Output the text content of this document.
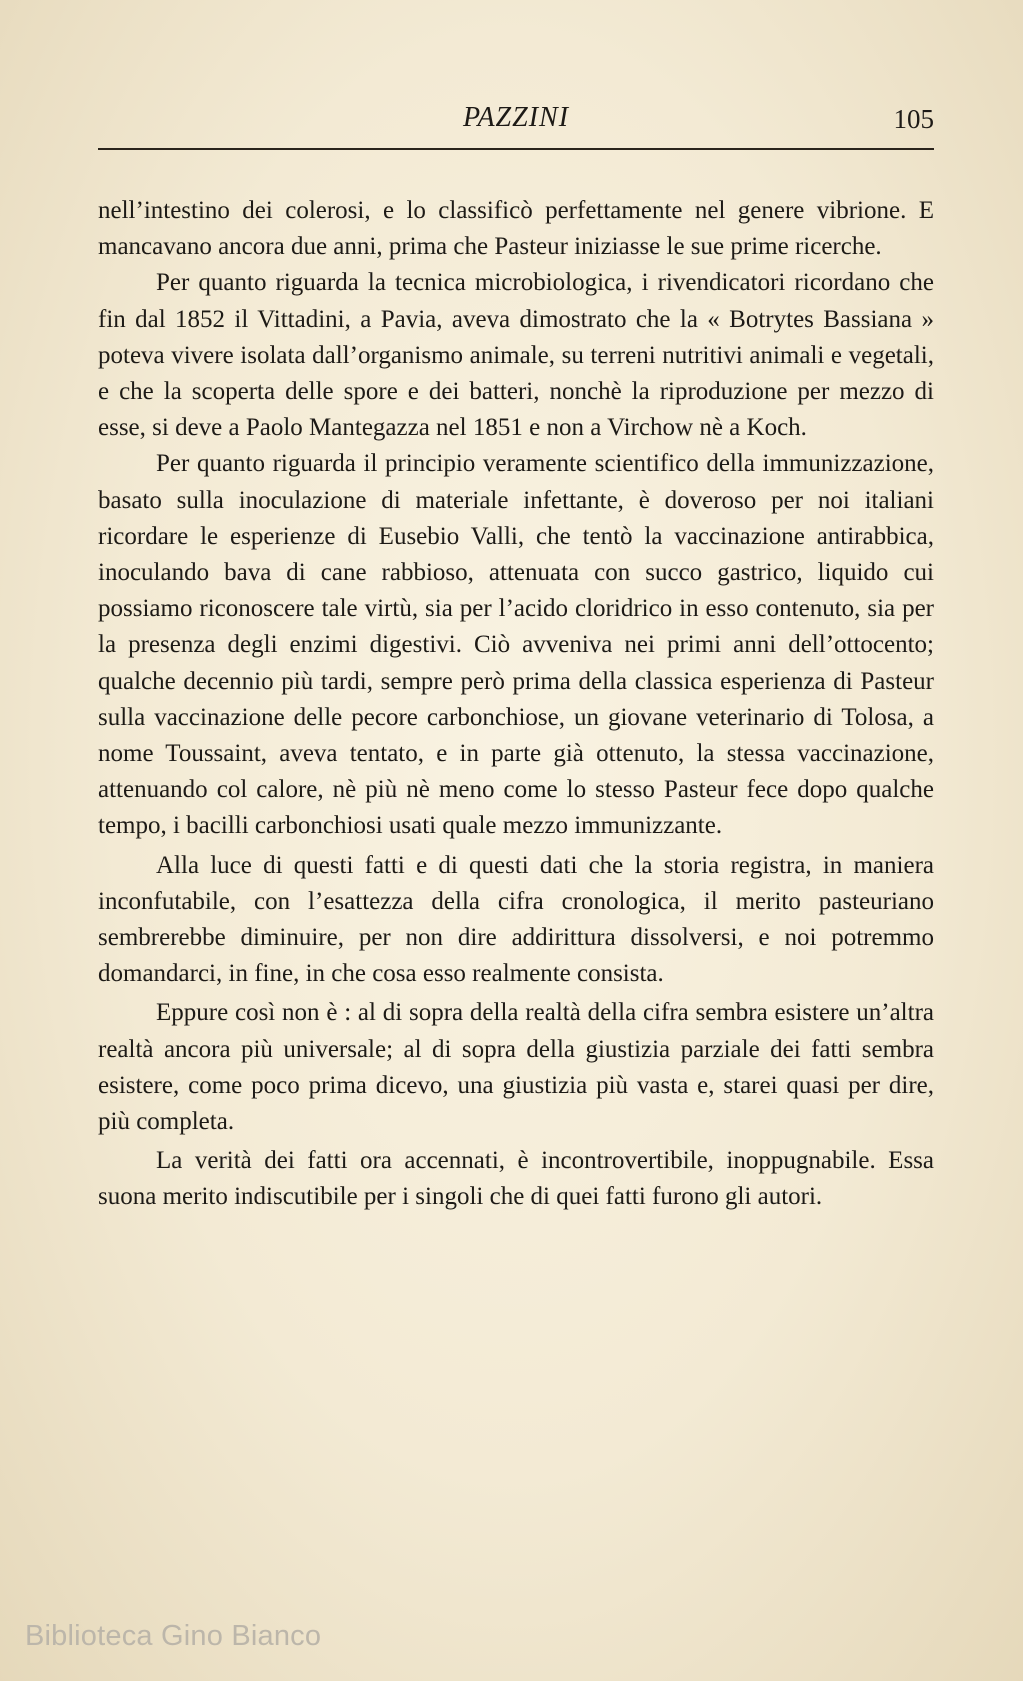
PAZZINI	105

nell’intestino dei colerosi, e lo classificò perfettamente nel genere vibrione. E mancavano ancora due anni, prima che Pasteur iniziasse le sue prime ricerche.

Per quanto riguarda la tecnica microbiologica, i rivendicatori ricordano che fin dal 1852 il Vittadini, a Pavia, aveva dimostrato che la « Botrytes Bassiana » poteva vivere isolata dall’organismo animale, su terreni nutritivi animali e vegetali, e che la scoperta delle spore e dei batteri, nonchè la riproduzione per mezzo di esse, si deve a Paolo Mantegazza nel 1851 e non a Virchow nè a Koch.

Per quanto riguarda il principio veramente scientifico della immunizzazione, basato sulla inoculazione di materiale infettante, è doveroso per noi italiani ricordare le esperienze di Eusebio Valli, che tentò la vaccinazione antirabbica, inoculando bava di cane rabbioso, attenuata con succo gastrico, liquido cui possiamo riconoscere tale virtù, sia per l’acido cloridrico in esso contenuto, sia per la presenza degli enzimi digestivi. Ciò avveniva nei primi anni dell’ottocento; qualche decennio più tardi, sempre però prima della classica esperienza di Pasteur sulla vaccinazione delle pecore carbonchiose, un giovane veterinario di Tolosa, a nome Toussaint, aveva tentato, e in parte già ottenuto, la stessa vaccinazione, attenuando col calore, nè più nè meno come lo stesso Pasteur fece dopo qualche tempo, i bacilli carbonchiosi usati quale mezzo immunizzante.

Alla luce di questi fatti e di questi dati che la storia registra, in maniera inconfutabile, con l’esattezza della cifra cronologica, il merito pasteuriano sembrerebbe diminuire, per non dire addirittura dissolversi, e noi potremmo domandarci, in fine, in che cosa esso realmente consista.

Eppure così non è : al di sopra della realtà della cifra sembra esistere un’altra realtà ancora più universale; al di sopra della giustizia parziale dei fatti sembra esistere, come poco prima dicevo, una giustizia più vasta e, starei quasi per dire, più completa.

La verità dei fatti ora accennati, è incontrovertibile, inoppugnabile. Essa suona merito indiscutibile per i singoli che di quei fatti furono gli autori.

Biblioteca Gino Bianco
